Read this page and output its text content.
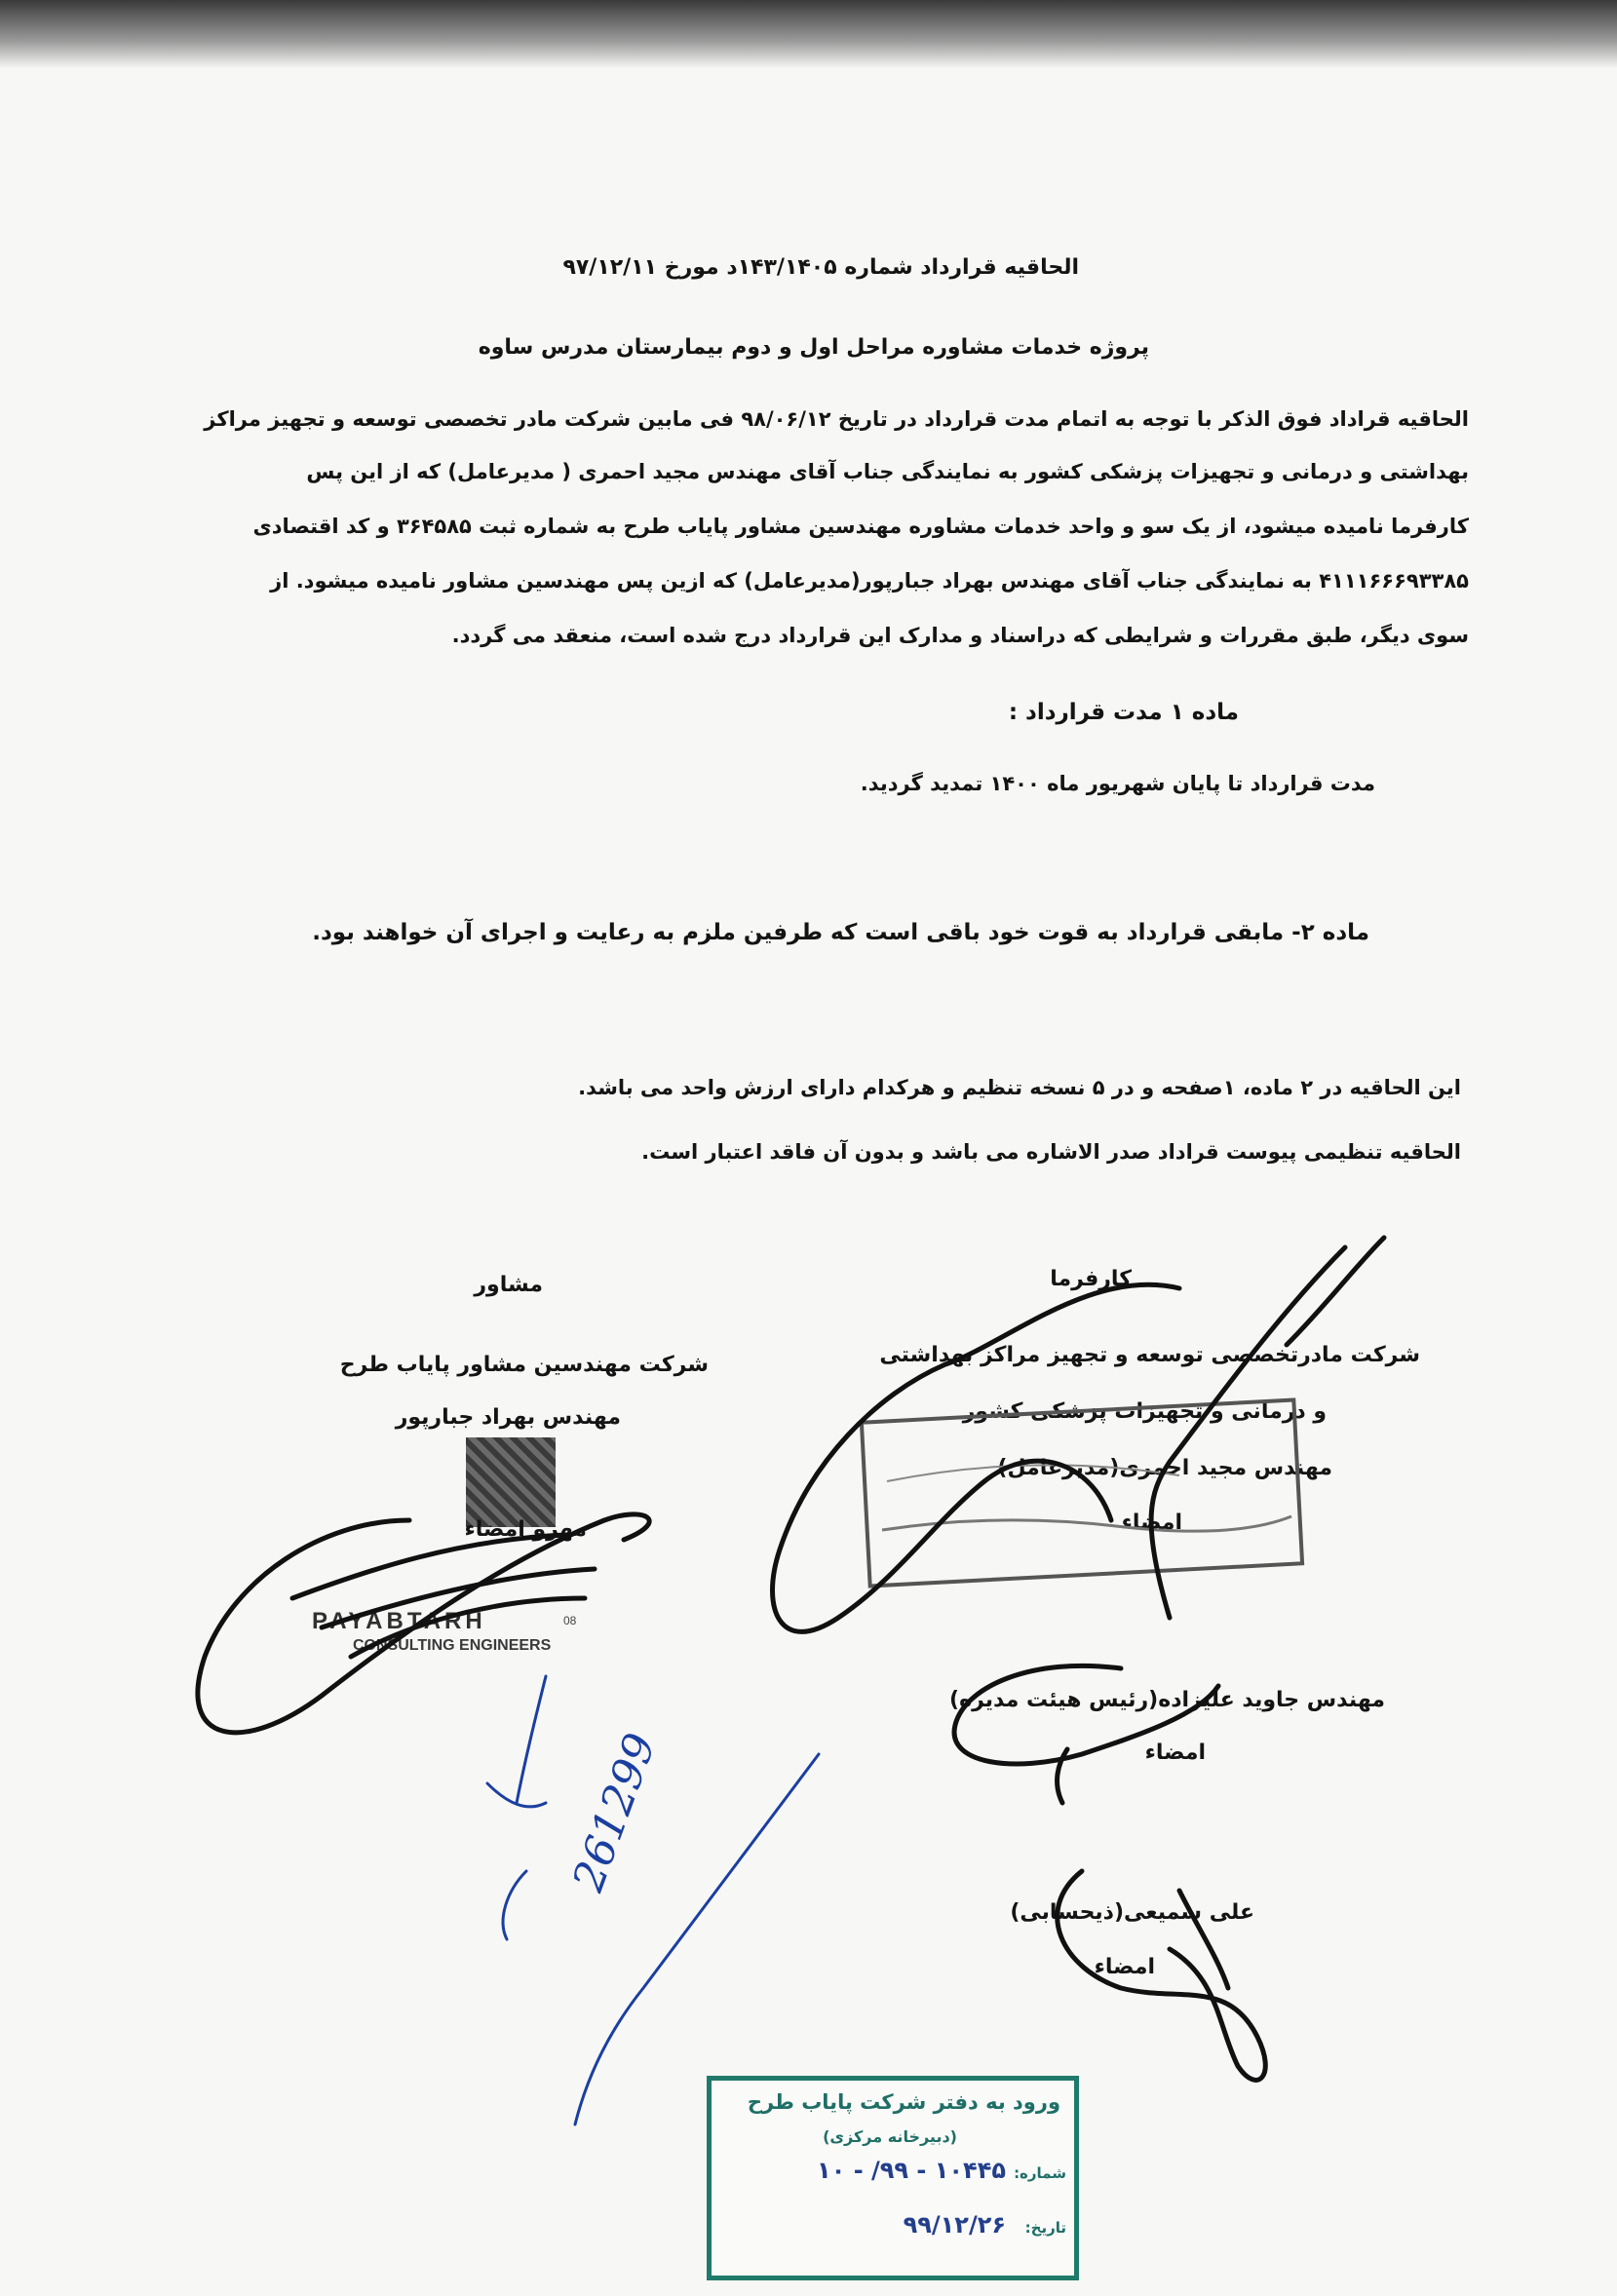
الحاقیه قرارداد شماره ۱۴۳/۱۴۰۵د مورخ ۹۷/۱۲/۱۱
پروژه خدمات مشاوره مراحل اول و دوم بیمارستان مدرس ساوه
الحاقیه قراداد فوق الذکر با توجه به اتمام مدت قرارداد در تاریخ ۹۸/۰۶/۱۲ فی مابین شرکت مادر تخصصی توسعه و تجهیز مراکز
بهداشتی و درمانی و تجهیزات پزشکی کشور به نمایندگی جناب آقای مهندس مجید احمری ( مدیرعامل) که از این پس
کارفرما نامیده میشود، از یک سو و واحد خدمات مشاوره مهندسین مشاور پایاب طرح به شماره ثبت ۳۶۴۵۸۵ و کد اقتصادی
۴۱۱۱۶۶۶۹۳۳۸۵ به نمایندگی جناب آقای مهندس بهراد جبارپور(مدیرعامل) که ازین پس مهندسین مشاور نامیده میشود. از
سوی دیگر، طبق مقررات و شرایطی که دراسناد و مدارک این قرارداد درج شده است، منعقد می گردد.
ماده ۱ مدت قرارداد :
مدت قرارداد تا پایان شهریور ماه ۱۴۰۰ تمدید گردید.
ماده ۲- مابقی قرارداد به قوت خود باقی است که طرفین ملزم به رعایت و اجرای آن خواهند بود.
این الحاقیه در ۲ ماده، ۱صفحه و در ۵ نسخه تنظیم و هرکدام دارای ارزش واحد می باشد.
الحاقیه تنظیمی پیوست قراداد صدر الاشاره می باشد و بدون آن فاقد اعتبار است.
مشاور
شرکت مهندسین مشاور پایاب طرح
مهندس بهراد جبارپور
مهرو امضاء
PAYABTARH	08
CONSULTING ENGINEERS
کارفرما
شرکت مادرتخصصی توسعه و تجهیز مراکز بهداشتی
و درمانی و تجهیزات پزشکی کشور
مهندس مجید احمری(مدیرعامل)
امضاء
مهندس جاوید علیزاده(رئیس هیئت مدیره)
امضاء
علی سمیعی(ذیحسابی)
امضاء
261299
ورود به دفتر شرکت پایاب طرح
(دبیرخانه مرکزی)
شماره:
۱۰۴۴۵ - ۹۹/ - ۱۰
تاریخ:
۹۹/۱۲/۲۶
